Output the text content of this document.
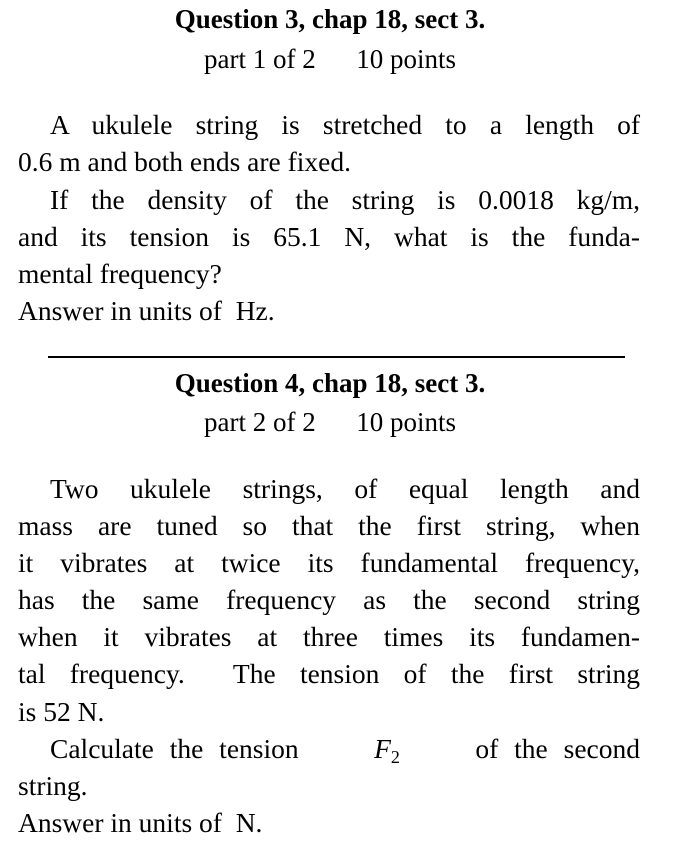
Question 3, chap 18, sect 3.
part 1 of 2 10 points
A ukulele string is stretched to a length of
0.6 m and both ends are fixed.
If the density of the string is 0.0018 kg/m,
and its tension is 65.1 N, what is the funda-
mental frequency?
Answer in units of  Hz.
Question 4, chap 18, sect 3.
part 2 of 2 10 points
Two ukulele strings, of equal length and
mass are tuned so that the first string, when
it vibrates at twice its fundamental frequency,
has the same frequency as the second string
when it vibrates at three times its fundamen-
tal frequency.  The tension of the first string
is 52 N.
Calculate the tension $F_2$ of the second
string.
Answer in units of  N.
